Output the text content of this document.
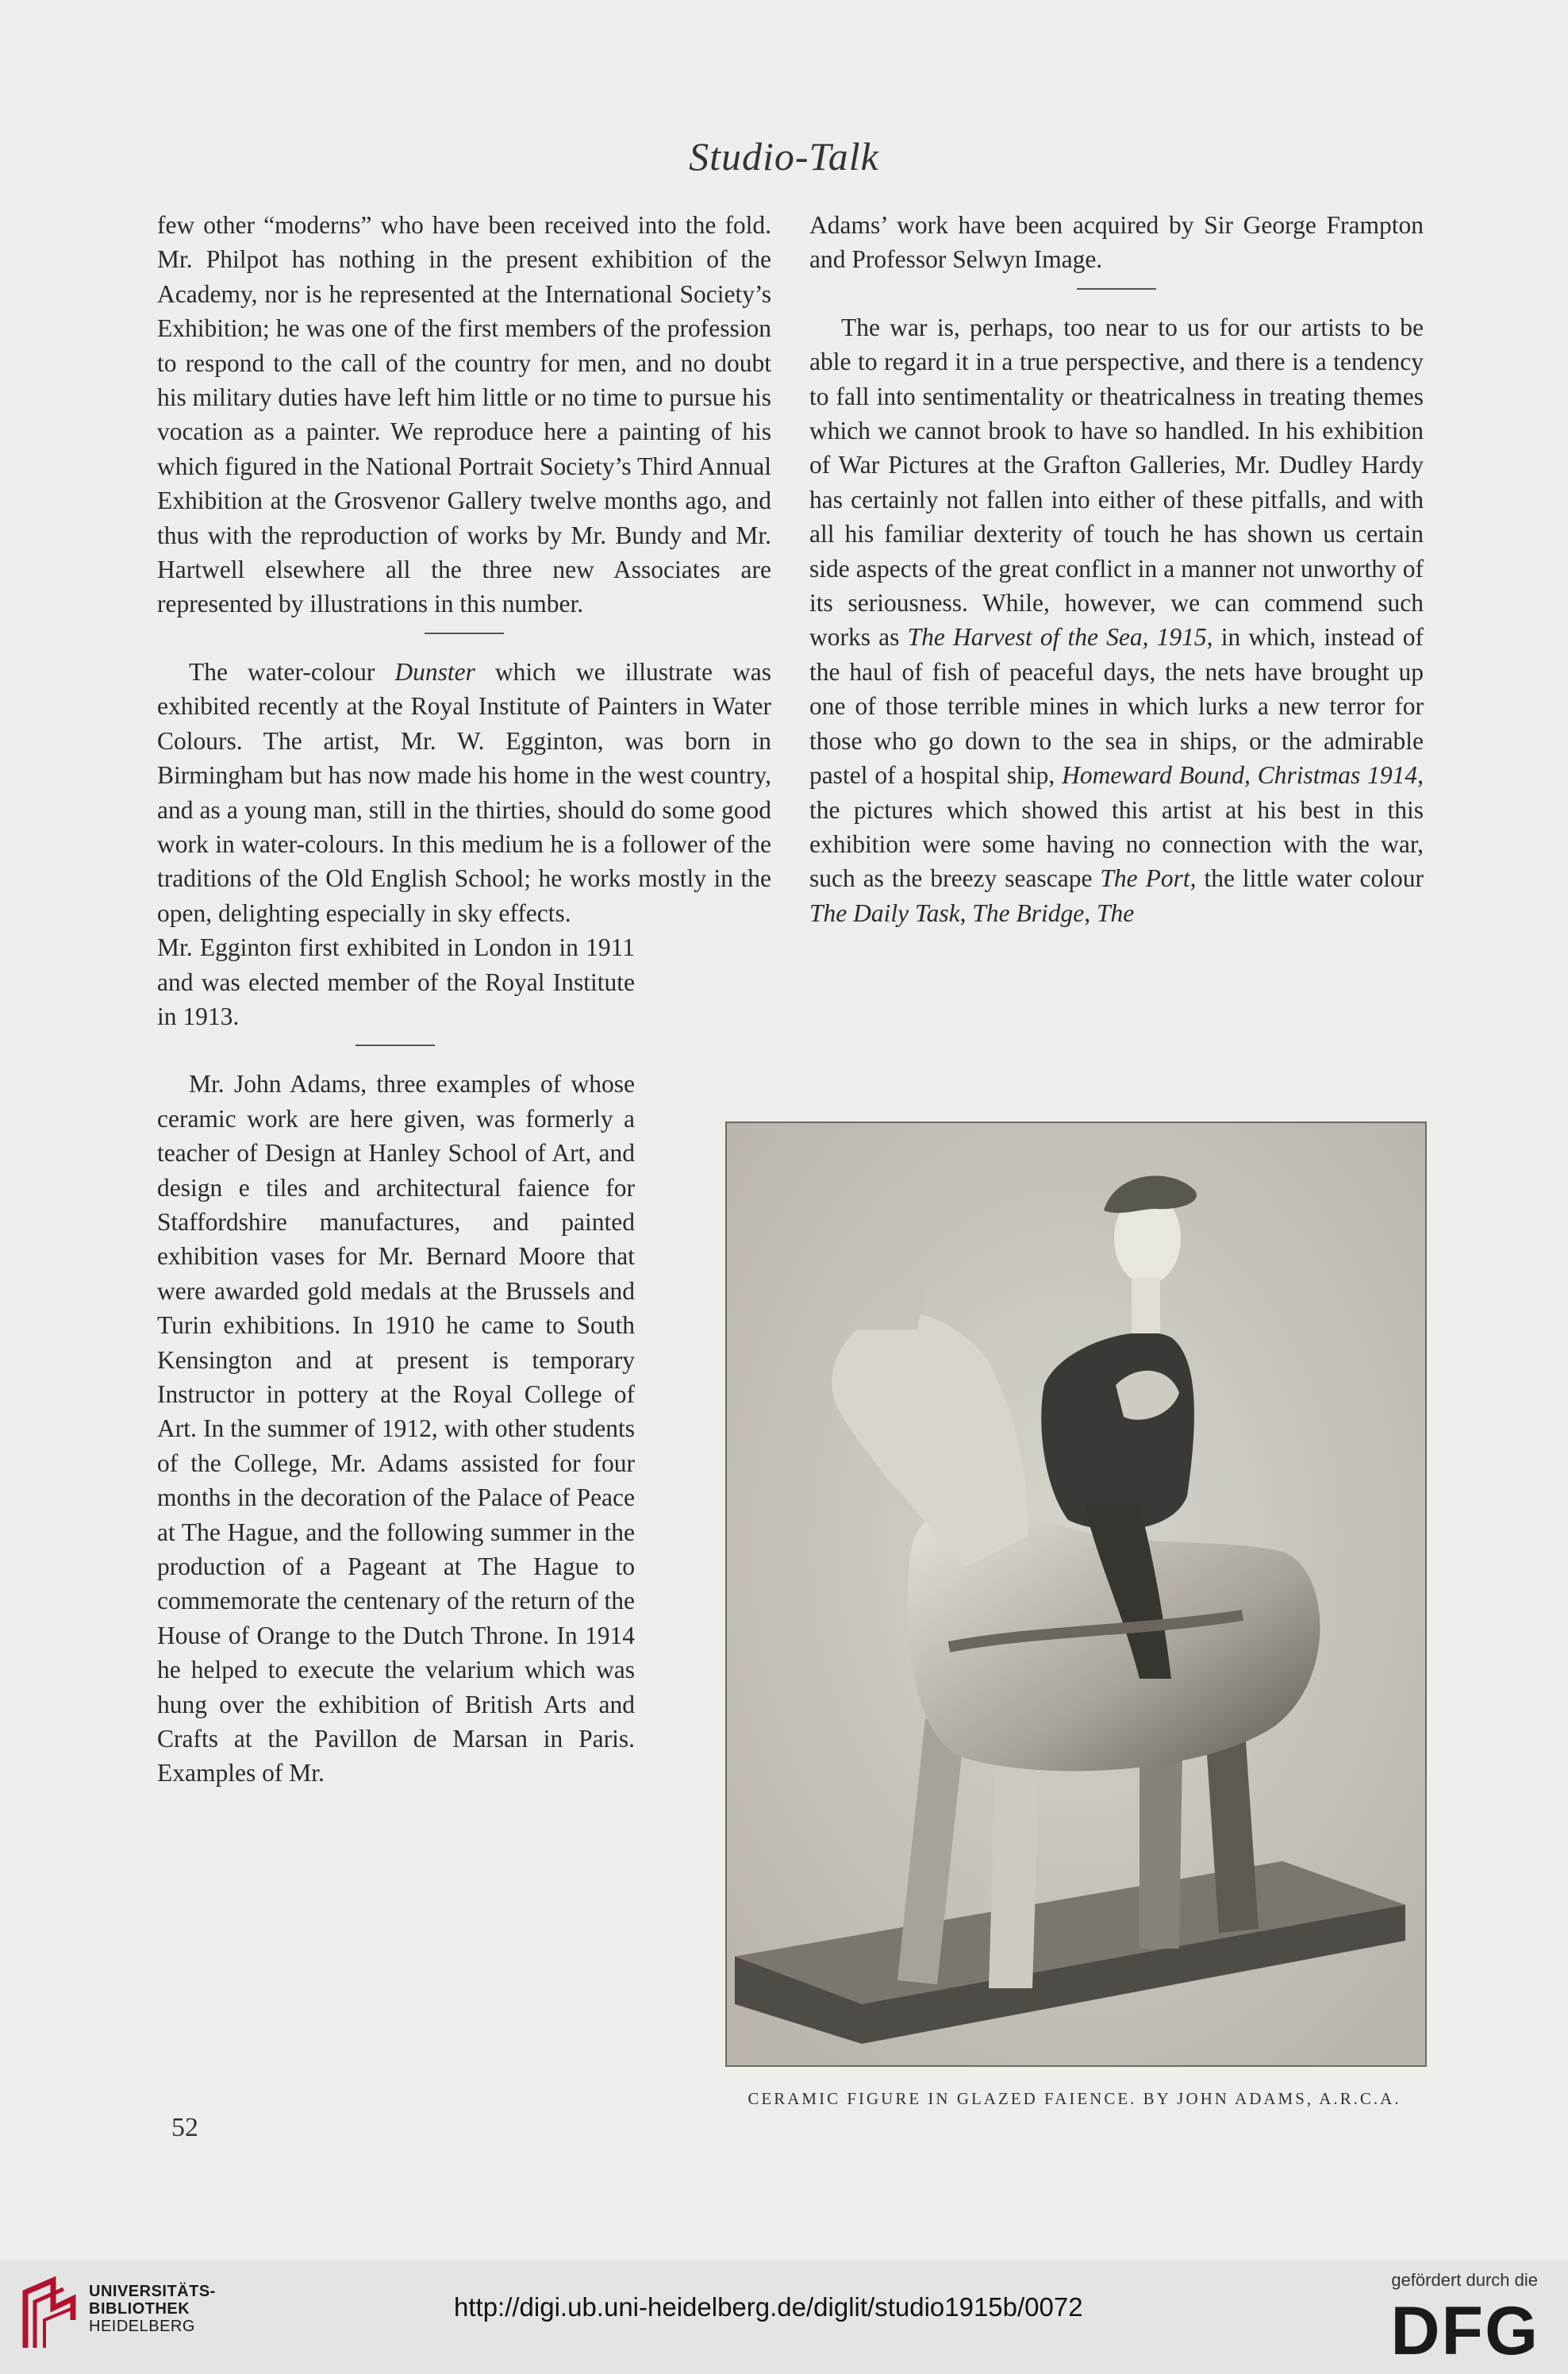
Studio-Talk

few other “moderns” who have been received into the fold. Mr. Philpot has nothing in the present exhibition of the Academy, nor is he represented at the International Society’s Exhibition; he was one of the first members of the profession to respond to the call of the country for men, and no doubt his military duties have left him little or no time to pursue his vocation as a painter. We reproduce here a painting of his which figured in the National Portrait Society’s Third Annual Exhibition at the Grosvenor Gallery twelve months ago, and thus with the reproduction of works by Mr. Bundy and Mr. Hartwell elsewhere all the three new Associates are represented by illustrations in this number.

The water-colour Dunster which we illustrate was exhibited recently at the Royal Institute of Painters in Water Colours. The artist, Mr. W. Egginton, was born in Birmingham but has now made his home in the west country, and as a young man, still in the thirties, should do some good work in water-colours. In this medium he is a follower of the traditions of the Old English School; he works mostly in the open, delighting especially in sky effects.

Mr. Egginton first exhibited in London in 1911 and was elected member of the Royal Institute in 1913.

Mr. John Adams, three examples of whose ceramic work are here given, was formerly a teacher of Design at Hanley School of Art, and design e tiles and architectural faience for Staffordshire manufactures, and painted exhibition vases for Mr. Bernard Moore that were awarded gold medals at the Brussels and Turin exhibitions. In 1910 he came to South Kensington and at present is temporary Instructor in pottery at the Royal College of Art. In the summer of 1912, with other students of the College, Mr. Adams assisted for four months in the decoration of the Palace of Peace at The Hague, and the following summer in the production of a Pageant at The Hague to commemorate the centenary of the return of the House of Orange to the Dutch Throne. In 1914 he helped to execute the velarium which was hung over the exhibition of British Arts and Crafts at the Pavillon de Marsan in Paris. Examples of Mr.

Adams’ work have been acquired by Sir George Frampton and Professor Selwyn Image.

The war is, perhaps, too near to us for our artists to be able to regard it in a true perspective, and there is a tendency to fall into sentimentality or theatricalness in treating themes which we cannot brook to have so handled. In his exhibition of War Pictures at the Grafton Galleries, Mr. Dudley Hardy has certainly not fallen into either of these pitfalls, and with all his familiar dexterity of touch he has shown us certain side aspects of the great conflict in a manner not unworthy of its seriousness. While, however, we can commend such works as The Harvest of the Sea, 1915, in which, instead of the haul of fish of peaceful days, the nets have brought up one of those terrible mines in which lurks a new terror for those who go down to the sea in ships, or the admirable pastel of a hospital ship, Homeward Bound, Christmas 1914, the pictures which showed this artist at his best in this exhibition were some having no connection with the war, such as the breezy seascape The Port, the little water colour The Daily Task, The Bridge, The

CERAMIC FIGURE IN GLAZED FAIENCE. BY JOHN ADAMS, A.R.C.A.
52
UNIVERSITÄTS-
BIBLIOTHEK
HEIDELBERG
http://digi.ub.uni-heidelberg.de/diglit/studio1915b/0072
gefördert durch die
DFG
